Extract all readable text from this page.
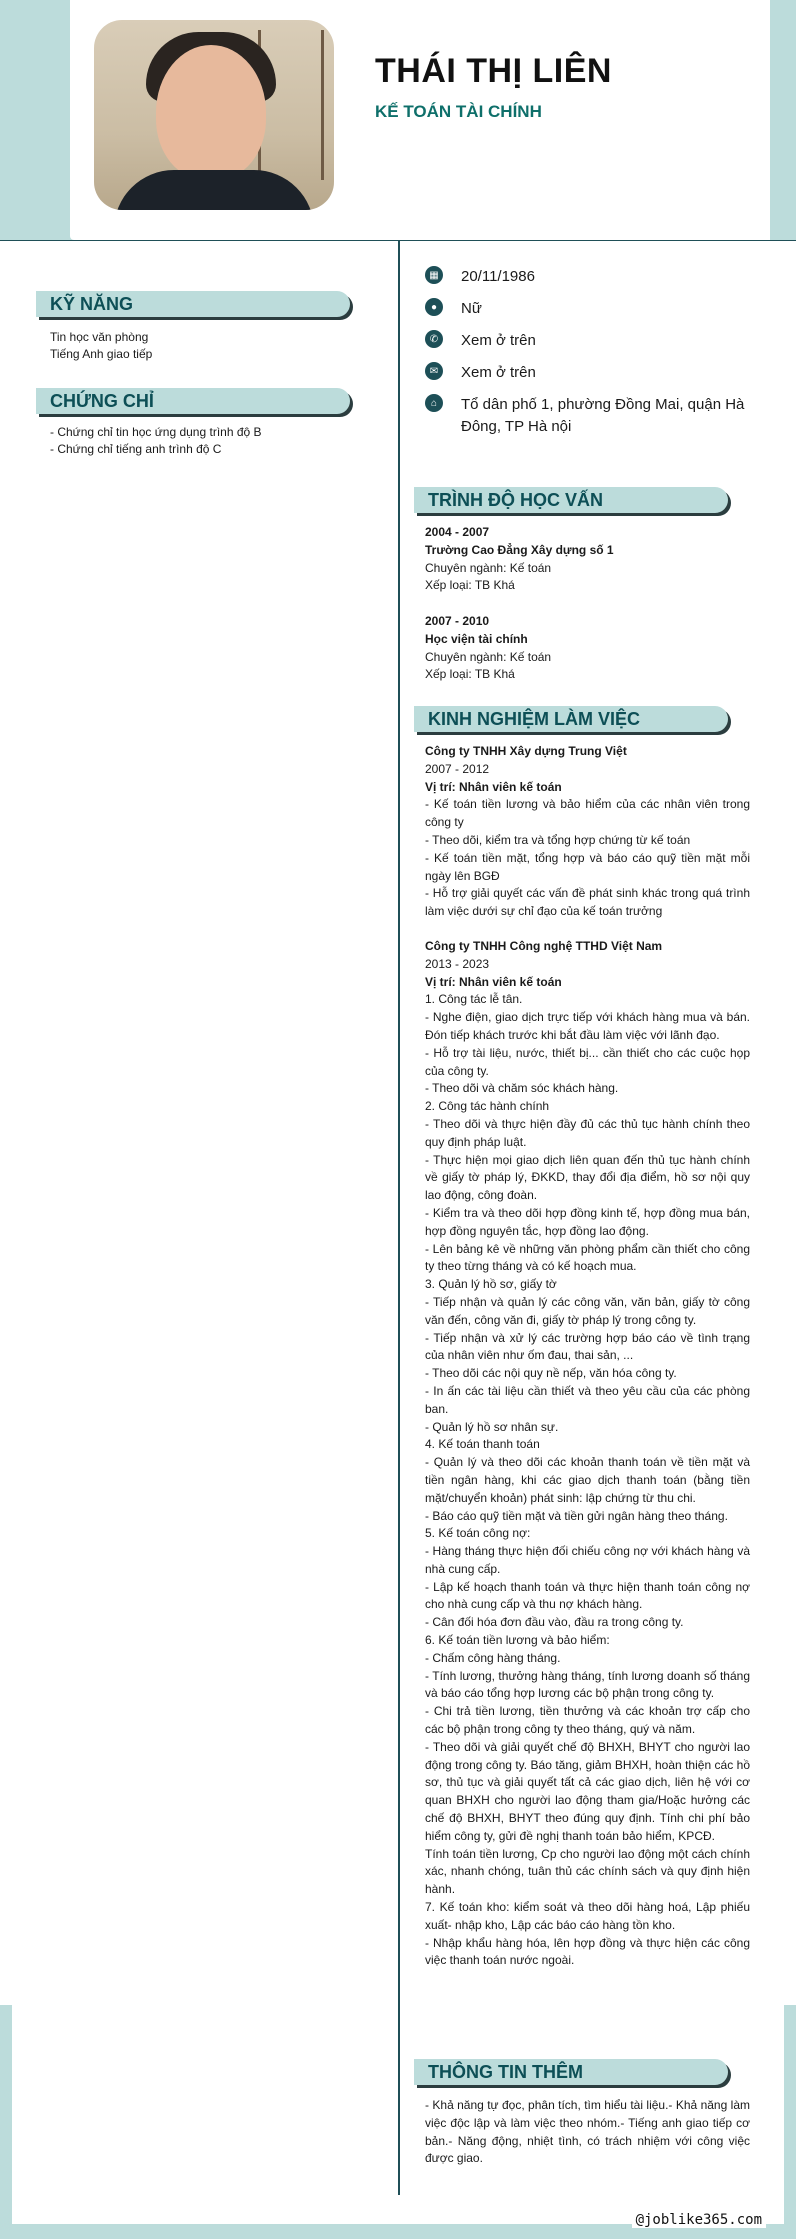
THÁI THỊ LIÊN
KẾ TOÁN TÀI CHÍNH
KỸ NĂNG
Tin học văn phòng
Tiếng Anh giao tiếp
CHỨNG CHỈ
- Chứng chỉ tin học ứng dụng trình độ B
- Chứng chỉ tiếng anh trình độ C
▦ 20/11/1986
●	Nữ
✆	Xem ở trên
✉	Xem ở trên
⌂	Tổ dân phố 1, phường Đồng Mai, quận Hà Đông, TP Hà nội
TRÌNH ĐỘ HỌC VẤN

2004 - 2007

Trường Cao Đẳng Xây dựng số 1

Chuyên ngành: Kế toán

Xếp loại: TB Khá

2007 - 2010

Học viện tài chính

Chuyên ngành: Kế toán

Xếp loại: TB Khá

KINH NGHIỆM LÀM VIỆC

Công ty TNHH Xây dựng Trung Việt

2007 - 2012

Vị trí: Nhân viên kế toán

- Kế toán tiền lương và bảo hiểm của các nhân viên trong công ty

- Theo dõi, kiểm tra và tổng hợp chứng từ kế toán

- Kế toán tiền mặt, tổng hợp và báo cáo quỹ tiền mặt mỗi ngày lên BGĐ

- Hỗ trợ giải quyết các vấn đề phát sinh khác trong quá trình làm việc dưới sự chỉ đạo của kế toán trưởng

Công ty TNHH Công nghệ TTHD Việt Nam

2013 - 2023

Vị trí: Nhân viên kế toán

1. Công tác lễ tân.

- Nghe điện, giao dịch trực tiếp với khách hàng mua và bán. Đón tiếp khách trước khi bắt đầu làm việc với lãnh đạo.

- Hỗ trợ tài liệu, nước, thiết bị... cần thiết cho các cuộc họp của công ty.

- Theo dõi và chăm sóc khách hàng.

2. Công tác hành chính

- Theo dõi và thực hiện đầy đủ các thủ tục hành chính theo quy định pháp luật.

- Thực hiện mọi giao dịch liên quan đến thủ tục hành chính về giấy tờ pháp lý, ĐKKD, thay đổi địa điểm, hồ sơ nội quy lao động, công đoàn.

- Kiểm tra và theo dõi hợp đồng kinh tế, hợp đồng mua bán, hợp đồng nguyên tắc, hợp đồng lao động.

- Lên bảng kê về những văn phòng phẩm cần thiết cho công ty theo từng tháng và có kế hoạch mua.

3. Quản lý hồ sơ, giấy tờ

- Tiếp nhận và quản lý các công văn, văn bản, giấy tờ công văn đến, công văn đi, giấy tờ pháp lý trong công ty.

- Tiếp nhận và xử lý các trường hợp báo cáo về tình trạng của nhân viên như ốm đau, thai sản, ...

- Theo dõi các nội quy nề nếp, văn hóa công ty.

- In ấn các tài liệu cần thiết và theo yêu cầu của các phòng ban.

- Quản lý hồ sơ nhân sự.

4. Kế toán thanh toán

- Quản lý và theo dõi các khoản thanh toán về tiền mặt và tiền ngân hàng, khi các giao dịch thanh toán (bằng tiền mặt/chuyển khoản) phát sinh: lập chứng từ thu chi.

- Báo cáo quỹ tiền mặt và tiền gửi ngân hàng theo tháng.

5. Kế toán công nợ:

- Hàng tháng thực hiện đối chiếu công nợ với khách hàng và nhà cung cấp.

- Lập kế hoạch thanh toán và thực hiện thanh toán công nợ cho nhà cung cấp và thu nợ khách hàng.

- Cân đối hóa đơn đầu vào, đầu ra trong công ty.

6. Kế toán tiền lương và bảo hiểm:

- Chấm công hàng tháng.

- Tính lương, thưởng hàng tháng, tính lương doanh số tháng và báo cáo tổng hợp lương các bộ phận trong công ty.

- Chi trả tiền lương, tiền thưởng và các khoản trợ cấp cho các bộ phận trong công ty theo tháng, quý và năm.

- Theo dõi và giải quyết chế độ BHXH, BHYT cho người lao động trong công ty. Báo tăng, giảm BHXH, hoàn thiện các hồ sơ, thủ tục và giải quyết tất cả các giao dịch, liên hệ với cơ quan BHXH cho người lao động tham gia/Hoặc hưởng các chế độ BHXH, BHYT theo đúng quy định. Tính chi phí bảo hiểm công ty, gửi đề nghị thanh toán bảo hiểm, KPCĐ.

Tính toán tiền lương, Cp cho người lao động một cách chính xác, nhanh chóng, tuân thủ các chính sách và quy định hiện hành.

7. Kế toán kho: kiểm soát và theo dõi hàng hoá, Lập phiếu xuất- nhập kho, Lập các báo cáo hàng tồn kho.

- Nhập khẩu hàng hóa, lên hợp đồng và thực hiện các công việc thanh toán nước ngoài.

THÔNG TIN THÊM
- Khả năng tự đọc, phân tích, tìm hiểu tài liệu.- Khả năng làm việc độc lập và làm việc theo nhóm.- Tiếng anh giao tiếp cơ bản.- Năng động, nhiệt tình, có trách nhiệm với công việc được giao.
@joblike365.com
